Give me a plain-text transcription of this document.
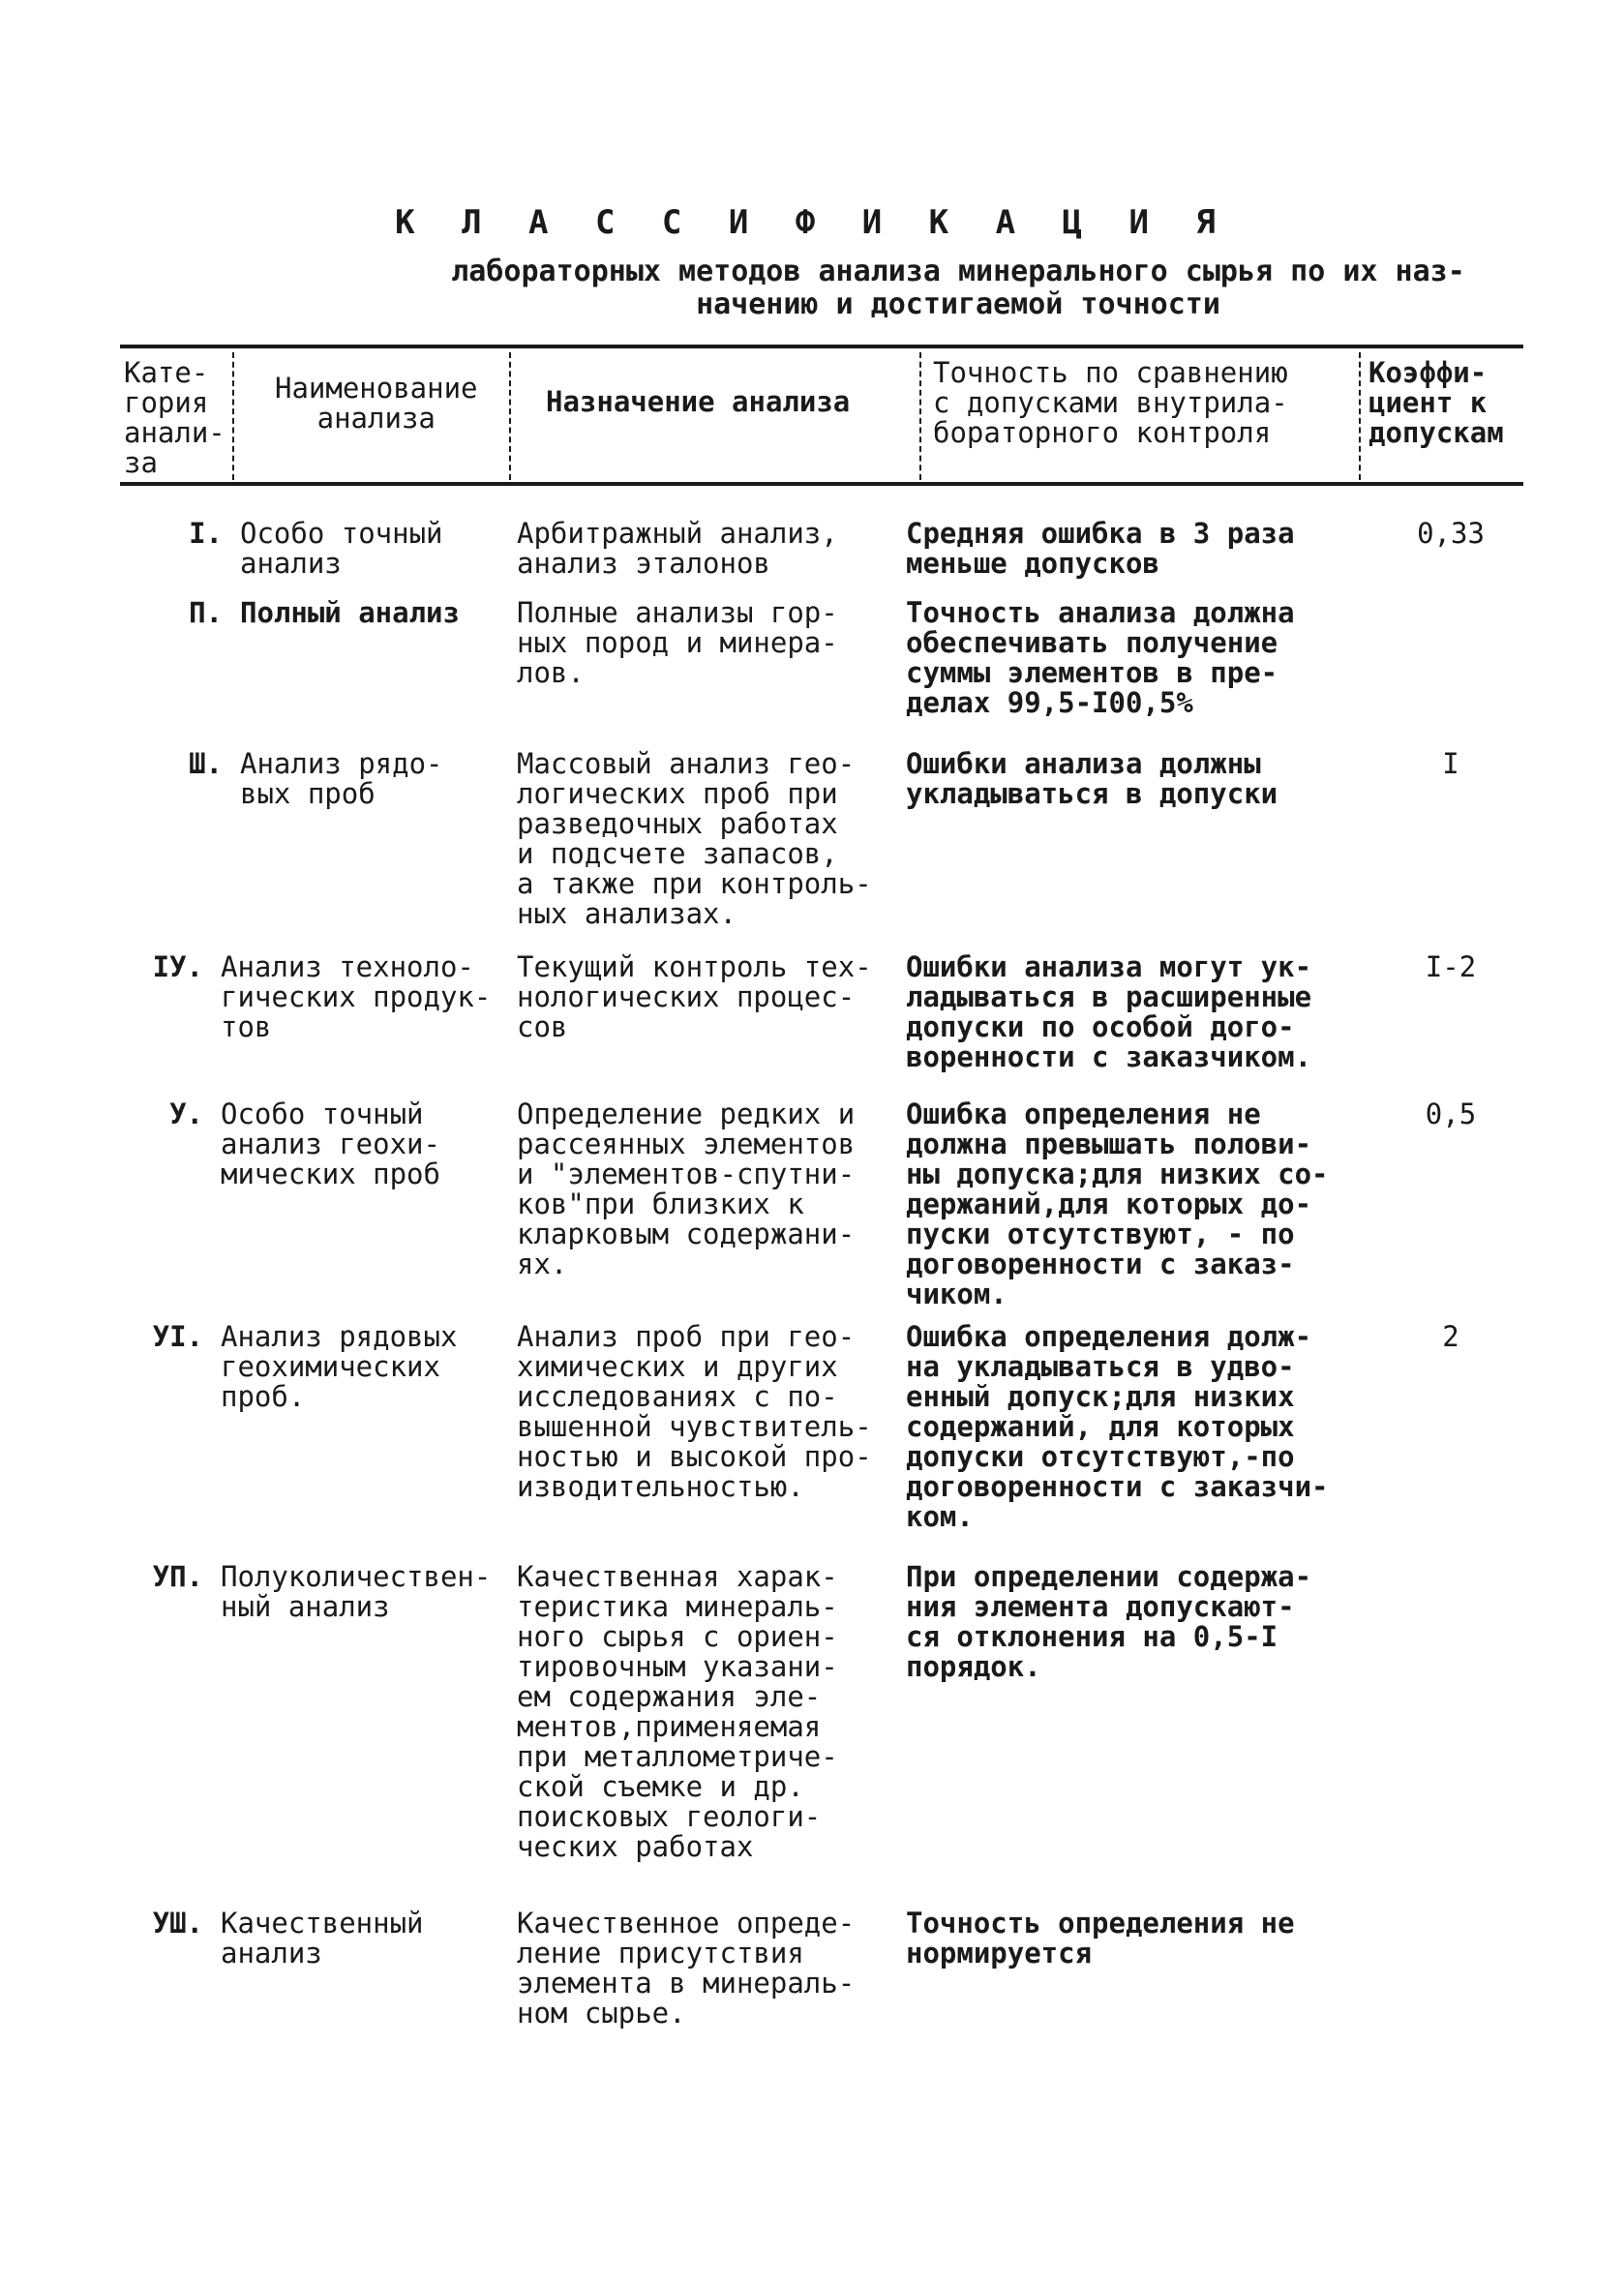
К Л А С С И Ф И К А Ц И Я
лабораторных методов анализа минерального сырья по их наз-
начению и достигаемой точности
Кате-
гория
анали-
за
Наименование
анализа	Назначение анализа
Точность по сравнению
с допусками внутрила-
бораторного контроля
Коэффи-
циент к
допускам
I. Особо точный
анализ
Арбитражный анализ,
анализ эталонов
Средняя ошибка в 3 раза
меньше допусков
0,33
П. Полный анализ	Полные анализы гор-
ных пород и минера-
лов.
Точность анализа должна
обеспечивать получение
суммы элементов в пре-
делах 99,5-I00,5%
Ш. Анализ рядо-
вых проб
Массовый анализ гео-
логических проб при
разведочных работах
и подсчете запасов,
а также при контроль-
ных анализах.
Ошибки анализа должны
укладываться в допуски
I
IУ. Анализ техноло-
гических продук-
тов
Текущий контроль тех-
нологических процес-
сов
Ошибки анализа могут ук-
ладываться в расширенные
допуски по особой дого-
воренности с заказчиком.
I-2
У. Особо точный
анализ геохи-
мических проб
Определение редких и
рассеянных элементов
и "элементов-спутни-
ков"при близких к
кларковым содержани-
ях.
Ошибка определения не
должна превышать полови-
ны допуска;для низких со-
держаний,для которых до-
пуски отсутствуют, - по
договоренности с заказ-
чиком.
0,5
УI. Анализ рядовых
геохимических
проб.
Анализ проб при гео-
химических и других
исследованиях с по-
вышенной чувствитель-
ностью и высокой про-
изводительностью.
Ошибка определения долж-
на укладываться в удво-
енный допуск;для низких
содержаний, для которых
допуски отсутствуют,-по
договоренности с заказчи-
ком.
2
УП. Полуколичествен-
ный анализ
Качественная харак-
теристика минераль-
ного сырья с ориен-
тировочным указани-
ем содержания эле-
ментов,применяемая
при металлометриче-
ской съемке и др.
поисковых геологи-
ческих работах
При определении содержа-
ния элемента допускают-
ся отклонения на 0,5-I
порядок.
УШ. Качественный
анализ
Качественное опреде-
ление присутствия
элемента в минераль-
ном сырье.
Точность определения не
нормируется
